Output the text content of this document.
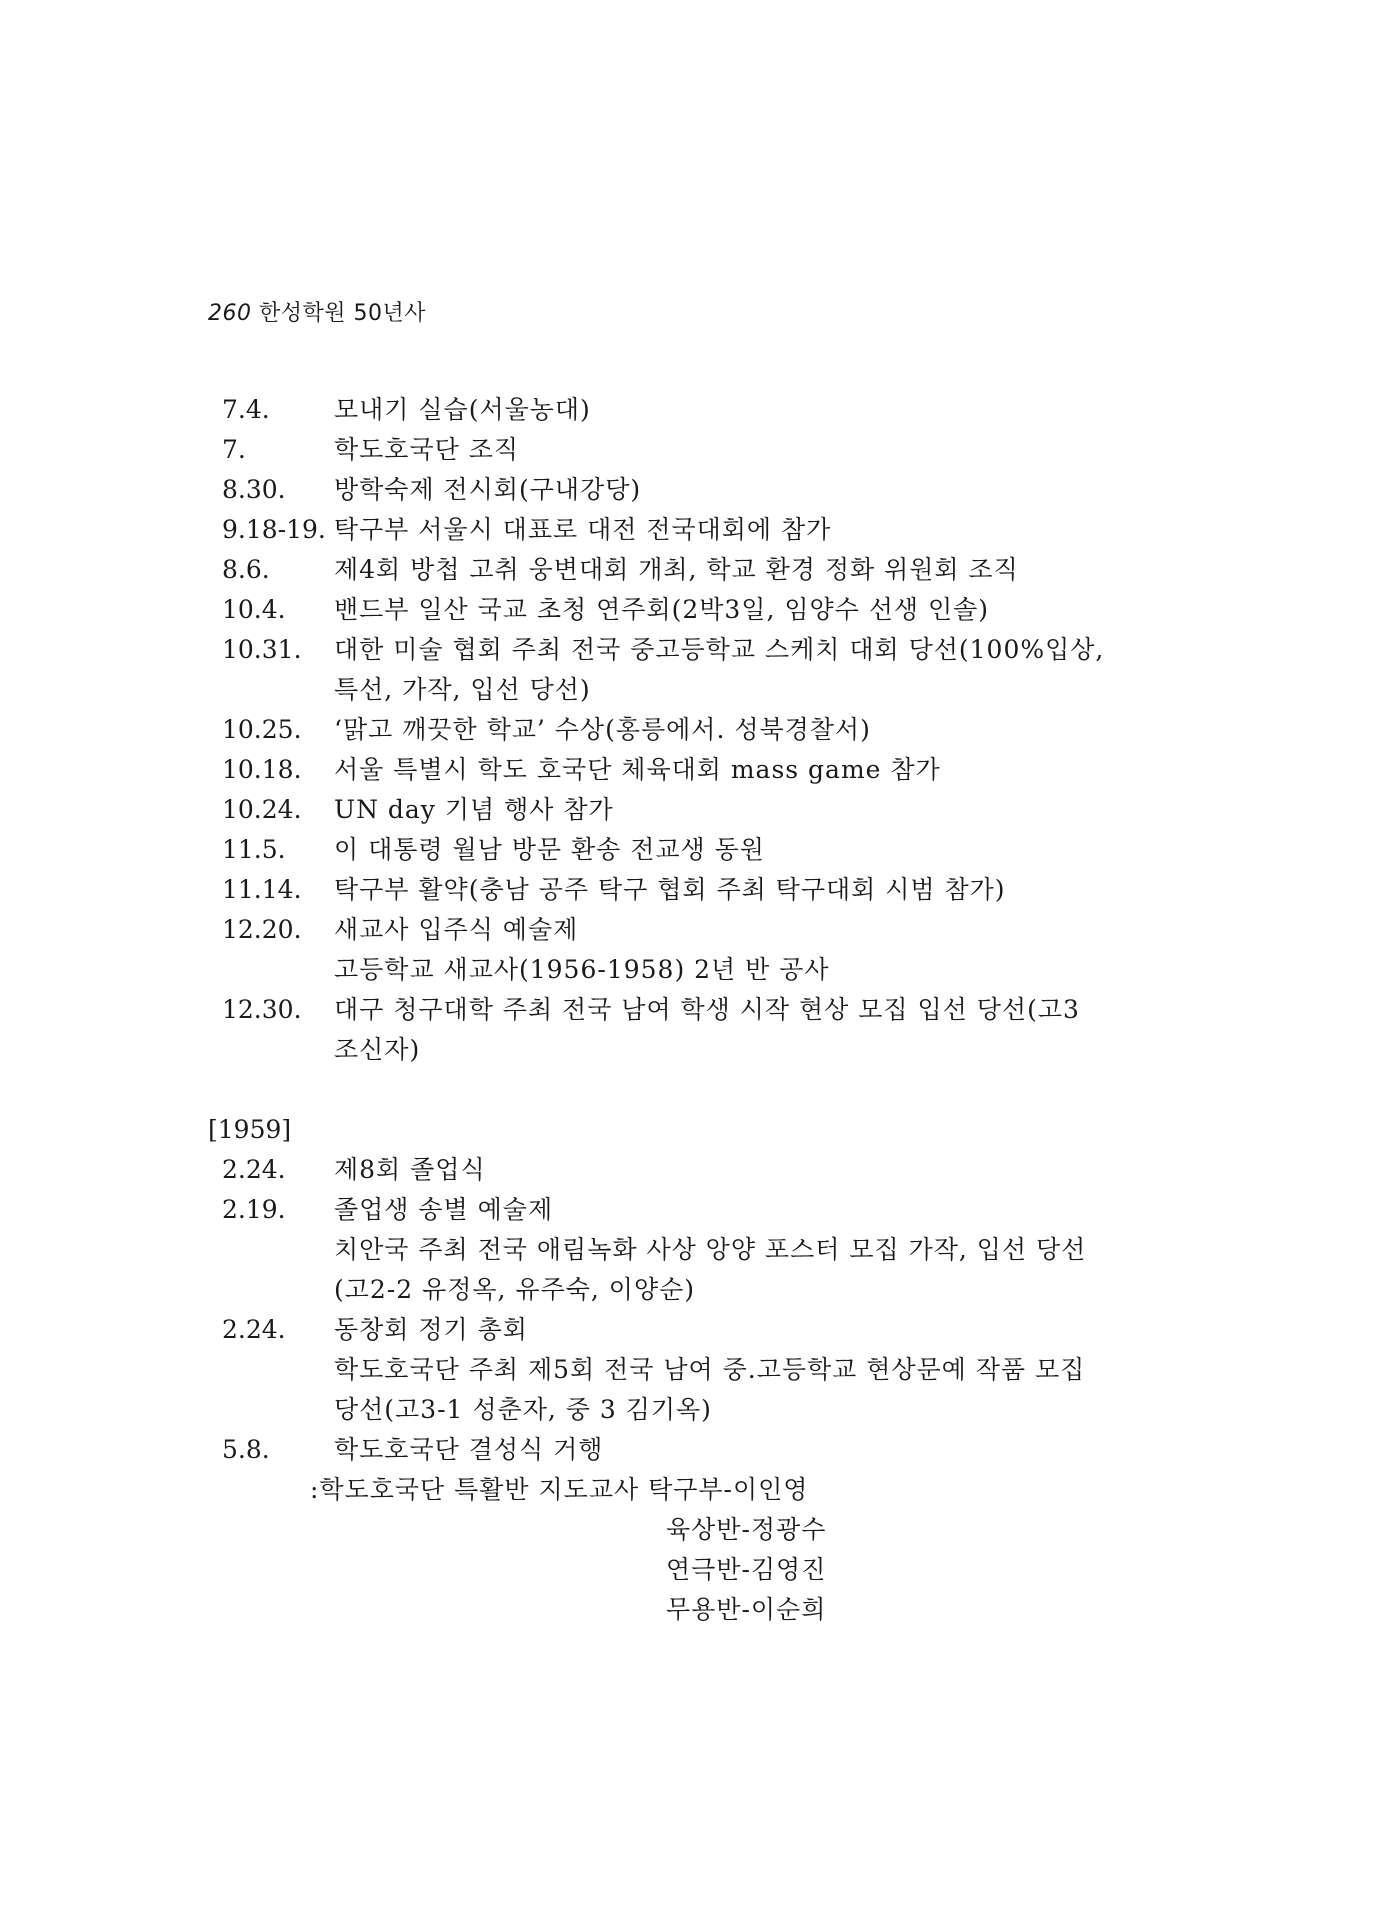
260 한성학원 50년사
7.4.	모내기 실습(서울농대)
7.	학도호국단 조직
8.30.	방학숙제 전시회(구내강당)
9.18-19. 탁구부 서울시 대표로 대전 전국대회에 참가
8.6.	제4회 방첩 고취 웅변대회 개최, 학교 환경 정화 위원회 조직
10.4.	밴드부 일산 국교 초청 연주회(2박3일, 임양수 선생 인솔)
10.31.	대한 미술 협회 주최 전국 중고등학교 스케치 대회 당선(100%입상,
특선, 가작, 입선 당선)
10.25.	‘맑고 깨끗한 학교’ 수상(홍릉에서. 성북경찰서)
10.18.	서울 특별시 학도 호국단 체육대회 mass game 참가
10.24.	UN day 기념 행사 참가
11.5.	이 대통령 월남 방문 환송 전교생 동원
11.14.	탁구부 활약(충남 공주 탁구 협회 주최 탁구대회 시범 참가)
12.20.	새교사 입주식 예술제
고등학교 새교사(1956-1958) 2년 반 공사
12.30.	대구 청구대학 주최 전국 남여 학생 시작 현상 모집 입선 당선(고3
조신자)
[1959]
2.24.	제8회 졸업식
2.19.	졸업생 송별 예술제
치안국 주최 전국 애림녹화 사상 앙양 포스터 모집 가작, 입선 당선
(고2-2 유정옥, 유주숙, 이양순)
2.24.	동창회 정기 총회
학도호국단 주최 제5회 전국 남여 중.고등학교 현상문예 작품 모집
당선(고3-1 성춘자, 중 3 김기옥)
5.8.	학도호국단 결성식 거행
:학도호국단 특활반 지도교사 탁구부-이인영
육상반-정광수
연극반-김영진
무용반-이순희
